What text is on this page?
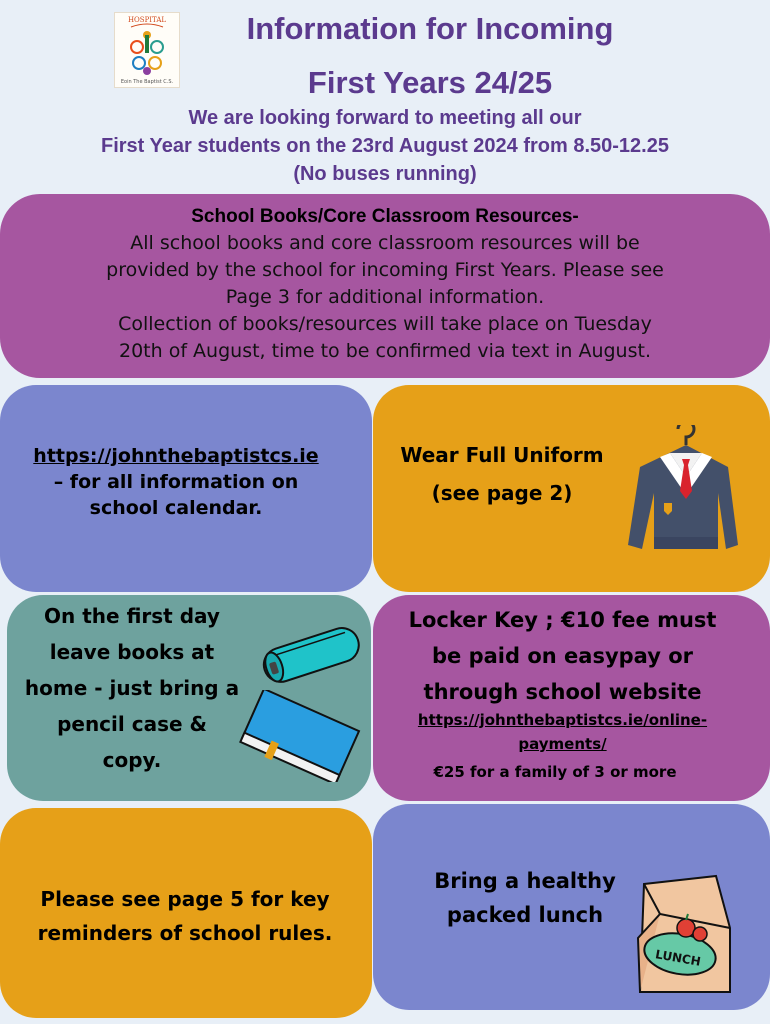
HOSPITAL
Eoin The Baptist C.S.
Information for Incoming
First Years 24/25
We are looking forward to meeting all our
First Year students on the 23rd August 2024 from 8.50-12.25
(No buses running)
School Books/Core Classroom Resources-
All school books and core classroom resources will be
provided by the school for incoming First Years. Please see
Page 3 for additional information.
Collection of books/resources will take place on Tuesday
20th of August, time to be confirmed via text in August.
https://johnthebaptistcs.ie
– for all information on
school calendar.
Wear Full Uniform
(see page 2)
On the first day
leave books at
home - just bring a
pencil case &
copy.
Locker Key ; €10 fee must
be paid on easypay or
through school website
https://johnthebaptistcs.ie/online-
payments/
€25 for a family of 3 or more
Please see page 5 for key
reminders of school rules.
Bring a healthy
packed lunch
LUNCH
